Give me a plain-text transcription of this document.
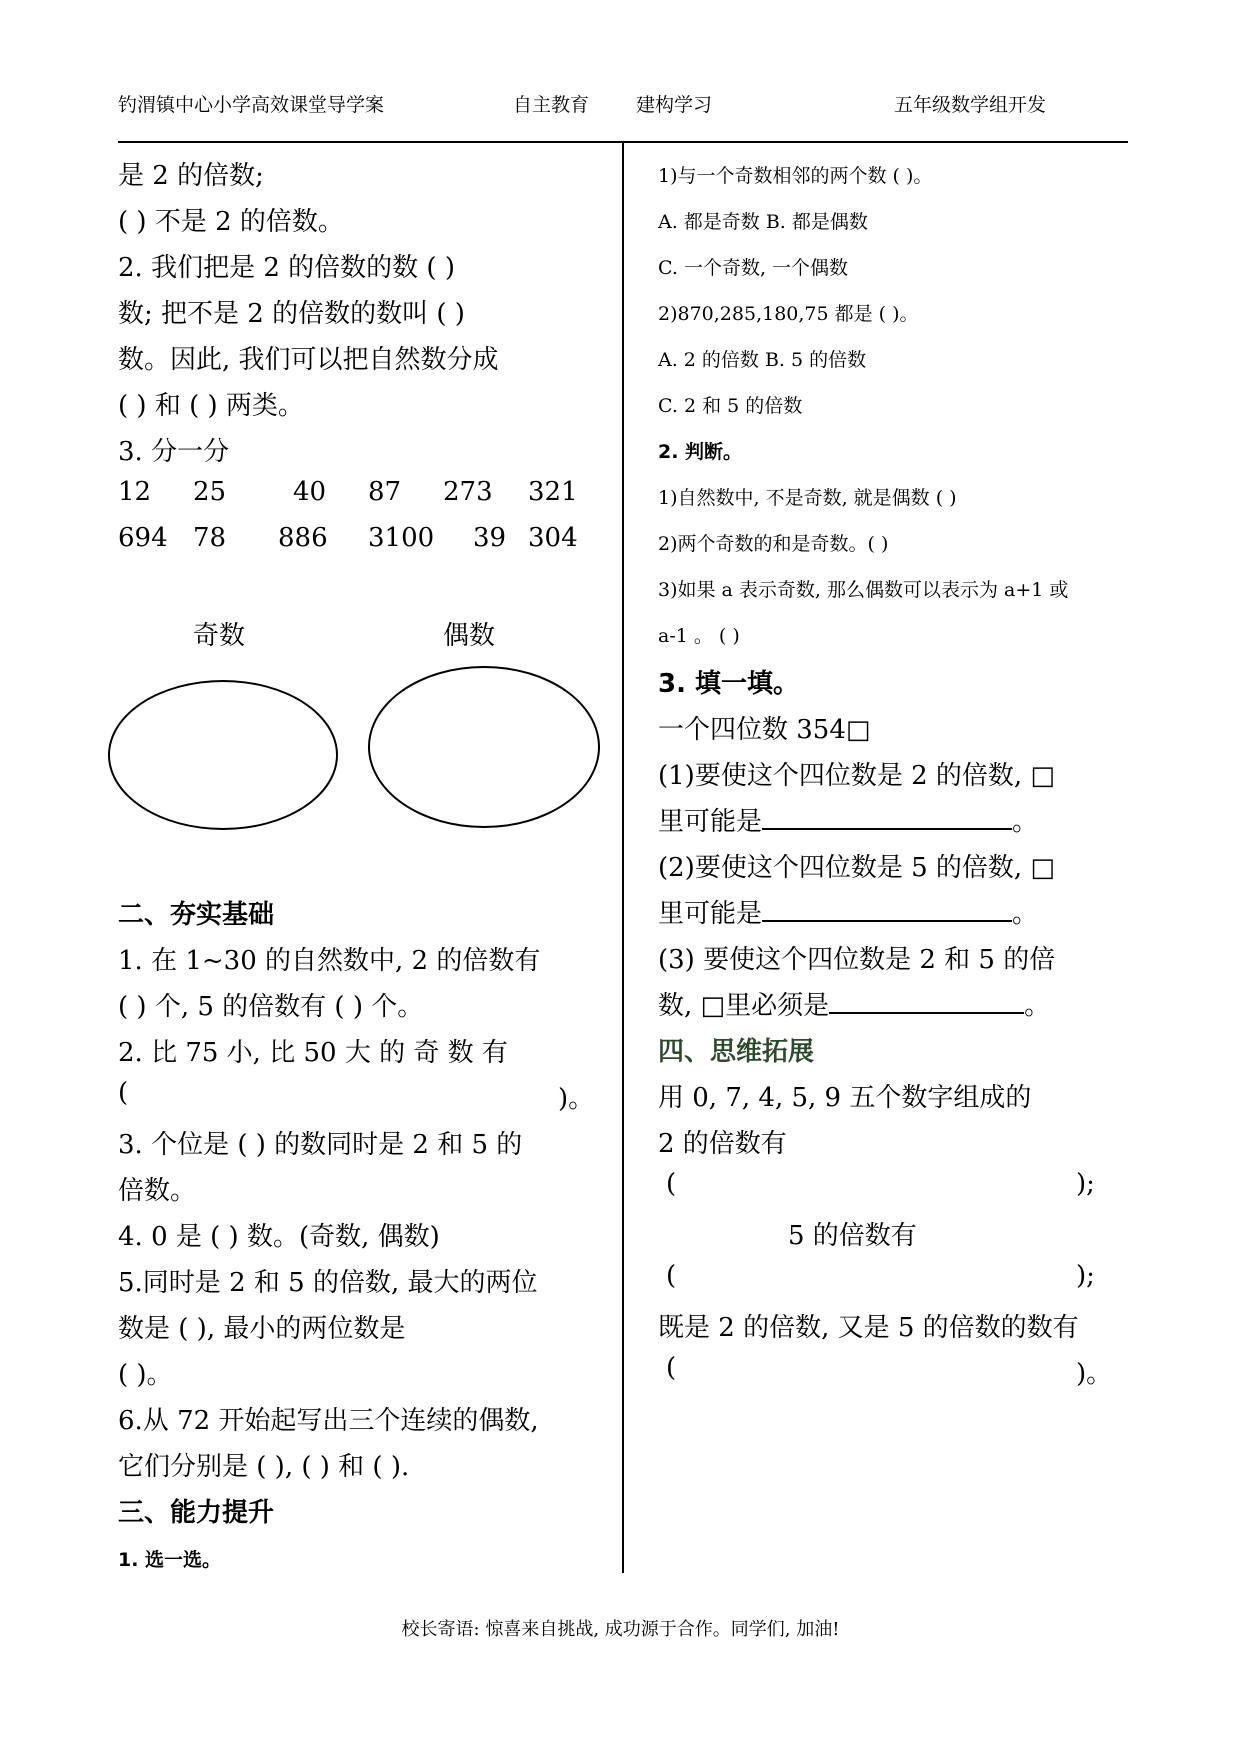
钓渭镇中心小学高效课堂导学案	自主教育 建构学习	五年级数学组开发
是 2 的倍数;
( ) 不是 2 的倍数。
2. 我们把是 2 的倍数的数 ( )
数; 把不是 2 的倍数的数叫 ( )
数。因此, 我们可以把自然数分成
( ) 和 ( ) 两类。
3. 分一分
12 25	40 87 273 321
694 78 886 3100 39 304
奇数	偶数
二、夯实基础
1. 在 1~30 的自然数中, 2 的倍数有
( ) 个, 5 的倍数有 ( ) 个。
2. 比 75 小, 比 50 大 的 奇 数 有
(	)。
3. 个位是 ( ) 的数同时是 2 和 5 的
倍数。
4. 0 是 ( ) 数。(奇数, 偶数)
5.同时是 2 和 5 的倍数, 最大的两位
数是 ( ), 最小的两位数是
( )。
6.从 72 开始起写出三个连续的偶数,
它们分别是 ( ), ( ) 和 ( ).
三、能力提升
1. 选一选。
1)与一个奇数相邻的两个数 ( )。
A. 都是奇数 B. 都是偶数
C. 一个奇数, 一个偶数
2)870,285,180,75 都是 ( )。
A. 2 的倍数 B. 5 的倍数
C. 2 和 5 的倍数
2. 判断。
1)自然数中, 不是奇数, 就是偶数 ( )
2)两个奇数的和是奇数。( )
3)如果 a 表示奇数, 那么偶数可以表示为 a+1 或
a-1 。 ( )
3. 填一填。
一个四位数 354□
(1)要使这个四位数是 2 的倍数, □
里可能是	。
(2)要使这个四位数是 5 的倍数, □
里可能是	。
(3) 要使这个四位数是 2 和 5 的倍
数, □里必须是	。
四、思维拓展
用 0, 7, 4, 5, 9 五个数字组成的
2 的倍数有
(	);
5 的倍数有
(	);
既是 2 的倍数, 又是 5 的倍数的数有
(	)。
校长寄语: 惊喜来自挑战, 成功源于合作。同学们, 加油!
